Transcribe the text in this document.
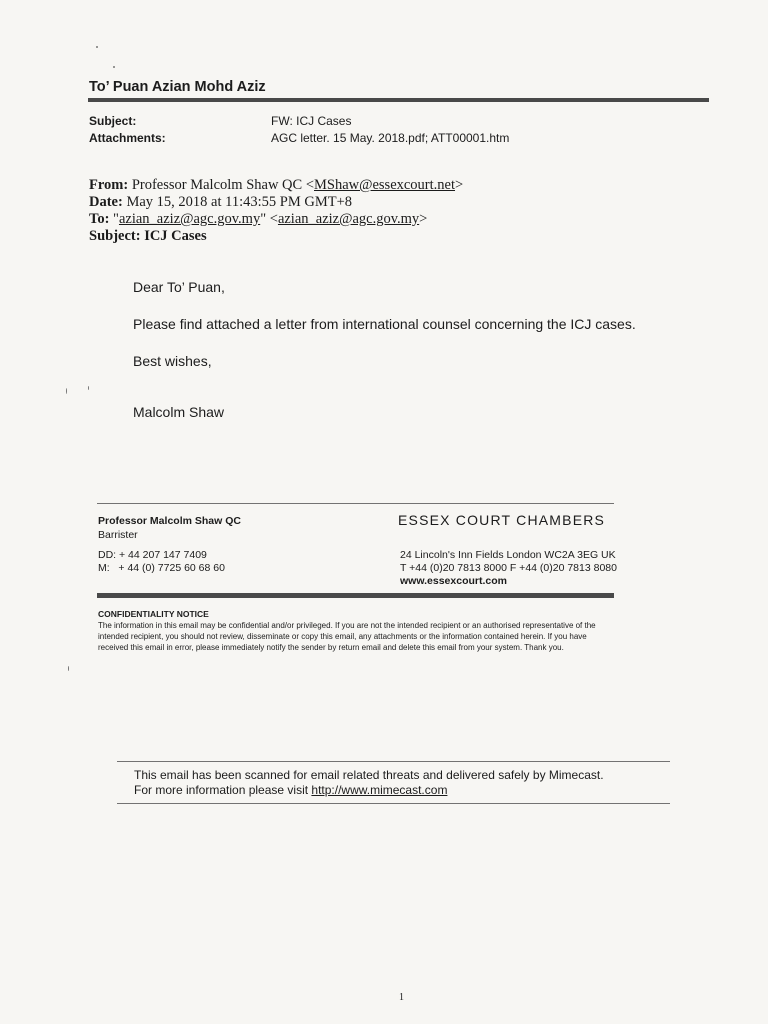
To’ Puan Azian Mohd Aziz
Subject:	FW: ICJ Cases
Attachments:	AGC letter. 15 May. 2018.pdf; ATT00001.htm
From: Professor Malcolm Shaw QC <MShaw@essexcourt.net>
Date: May 15, 2018 at 11:43:55 PM GMT+8
To: "azian_aziz@agc.gov.my" <azian_aziz@agc.gov.my>
Subject: ICJ Cases
Dear To’ Puan,
Please find attached a letter from international counsel concerning the ICJ cases.
Best wishes,
Malcolm Shaw
Professor Malcolm Shaw QC
Barrister
DD: + 44 207 147 7409
M:   + 44 (0) 7725 60 68 60
ESSEX COURT CHAMBERS
24 Lincoln's Inn Fields London WC2A 3EG UK
T +44 (0)20 7813 8000 F +44 (0)20 7813 8080
www.essexcourt.com
CONFIDENTIALITY NOTICE
The information in this email may be confidential and/or privileged. If you are not the intended recipient or an authorised representative of the intended recipient, you should not review, disseminate or copy this email, any attachments or the information contained herein. If you have received this email in error, please immediately notify the sender by return email and delete this email from your system. Thank you.
This email has been scanned for email related threats and delivered safely by Mimecast.
For more information please visit http://www.mimecast.com
1
